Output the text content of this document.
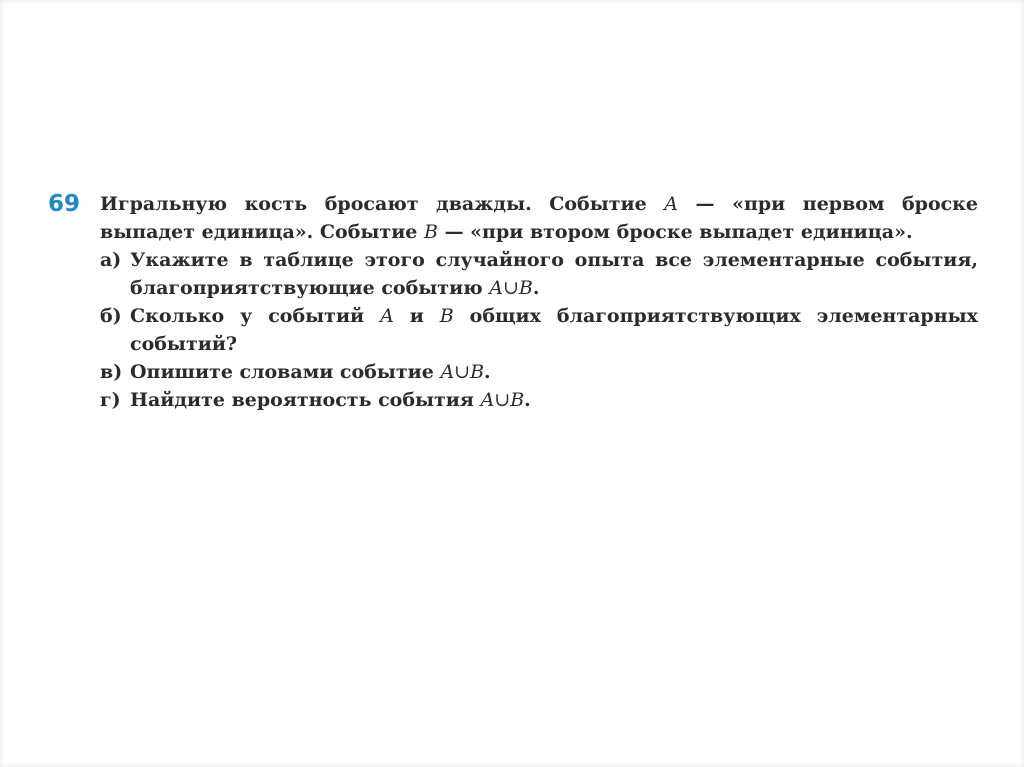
69 Игральную кость бросают дважды. Событие A — «при первом броске выпадет единица». Событие B — «при втором броске выпадет единица».
а) Укажите в таблице этого случайного опыта все элементарные события, благоприятствующие событию A∪B.
б) Сколько у событий A и B общих благоприятствующих элементарных событий?
в) Опишите словами событие A∪B.
г) Найдите вероятность события A∪B.
